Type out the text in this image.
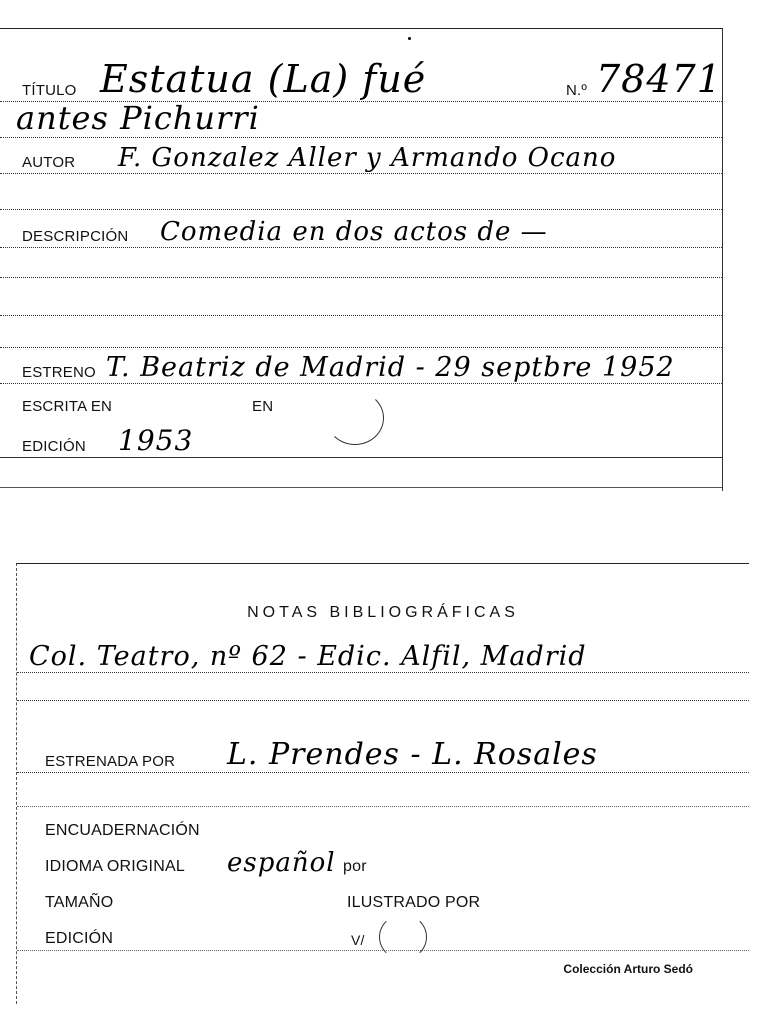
TÍTULO Estatua (La) fué	N.º 78471
antes Pichurri
AUTOR F. Gonzalez Aller y Armando Ocano
DESCRIPCIÓN Comedia en dos actos de —
ESTRENO T. Beatriz de Madrid - 29 septbre 1952
ESCRITA EN	EN
EDICIÓN 1953
NOTAS BIBLIOGRÁFICAS
Col. Teatro, nº 62 - Edic. Alfil, Madrid
ESTRENADA POR L. Prendes - L. Rosales
ENCUADERNACIÓN
IDIOMA ORIGINAL español por
TAMAÑO	ILUSTRADO POR
EDICIÓN	V/
Colección Arturo Sedó
